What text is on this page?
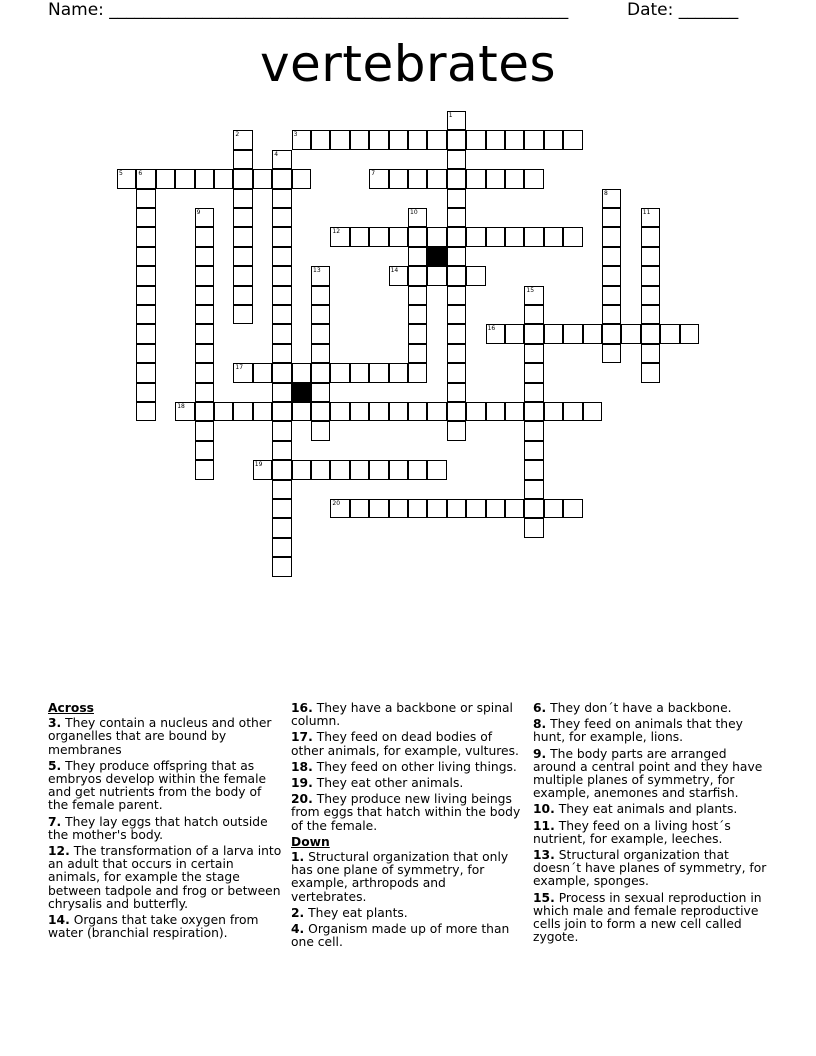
Name: ______________________________________________________	Date: _______
vertebrates
1
2	3
4
5	6	7
8
9	10	11
12
13	14
15
16
17
18
19
20
Across
3. They contain a nucleus and other organelles that are bound by membranes
5. They produce offspring that as embryos develop within the female and get nutrients from the body of the female parent.
7. They lay eggs that hatch outside the mother's body.
12. The transformation of a larva into an adult that occurs in certain animals, for example the stage between tadpole and frog or between chrysalis and butterfly.
14. Organs that take oxygen from water (branchial respiration).
16. They have a backbone or spinal column.
17. They feed on dead bodies of other animals, for example, vultures.
18. They feed on other living things.
19. They eat other animals.
20. They produce new living beings from eggs that hatch within the body of the female.
Down
1. Structural organization that only has one plane of symmetry, for example, arthropods and vertebrates.
2. They eat plants.
4. Organism made up of more than one cell.
6. They don´t have a backbone.
8. They feed on animals that they hunt, for example, lions.
9. The body parts are arranged around a central point and they have multiple planes of symmetry, for example, anemones and starfish.
10. They eat animals and plants.
11. They feed on a living host´s nutrient, for example, leeches.
13. Structural organization that doesn´t have planes of symmetry, for example, sponges.
15. Process in sexual reproduction in which male and female reproductive cells join to form a new cell called zygote.
